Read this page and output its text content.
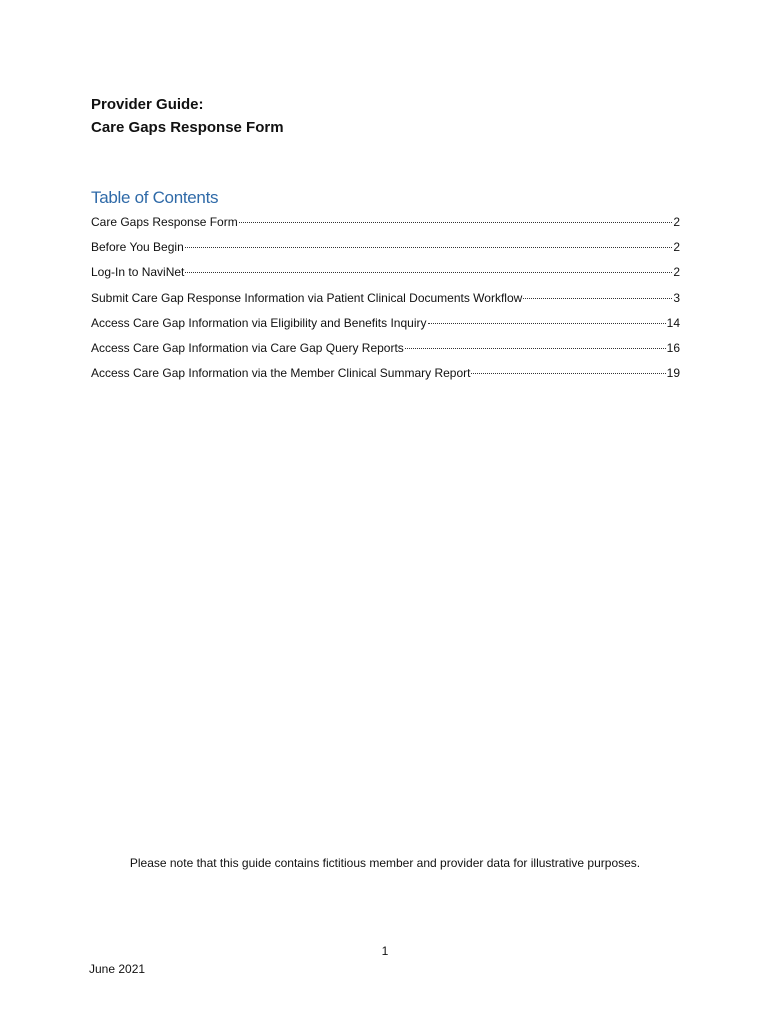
Provider Guide:
Care Gaps Response Form
Table of Contents
Care Gaps Response Form	2
Before You Begin	2
Log-In to NaviNet	2
Submit Care Gap Response Information via Patient Clinical Documents Workflow	3
Access Care Gap Information via Eligibility and Benefits Inquiry	14
Access Care Gap Information via Care Gap Query Reports	16
Access Care Gap Information via the Member Clinical Summary Report	19
Please note that this guide contains fictitious member and provider data for illustrative purposes.
1
June 2021
